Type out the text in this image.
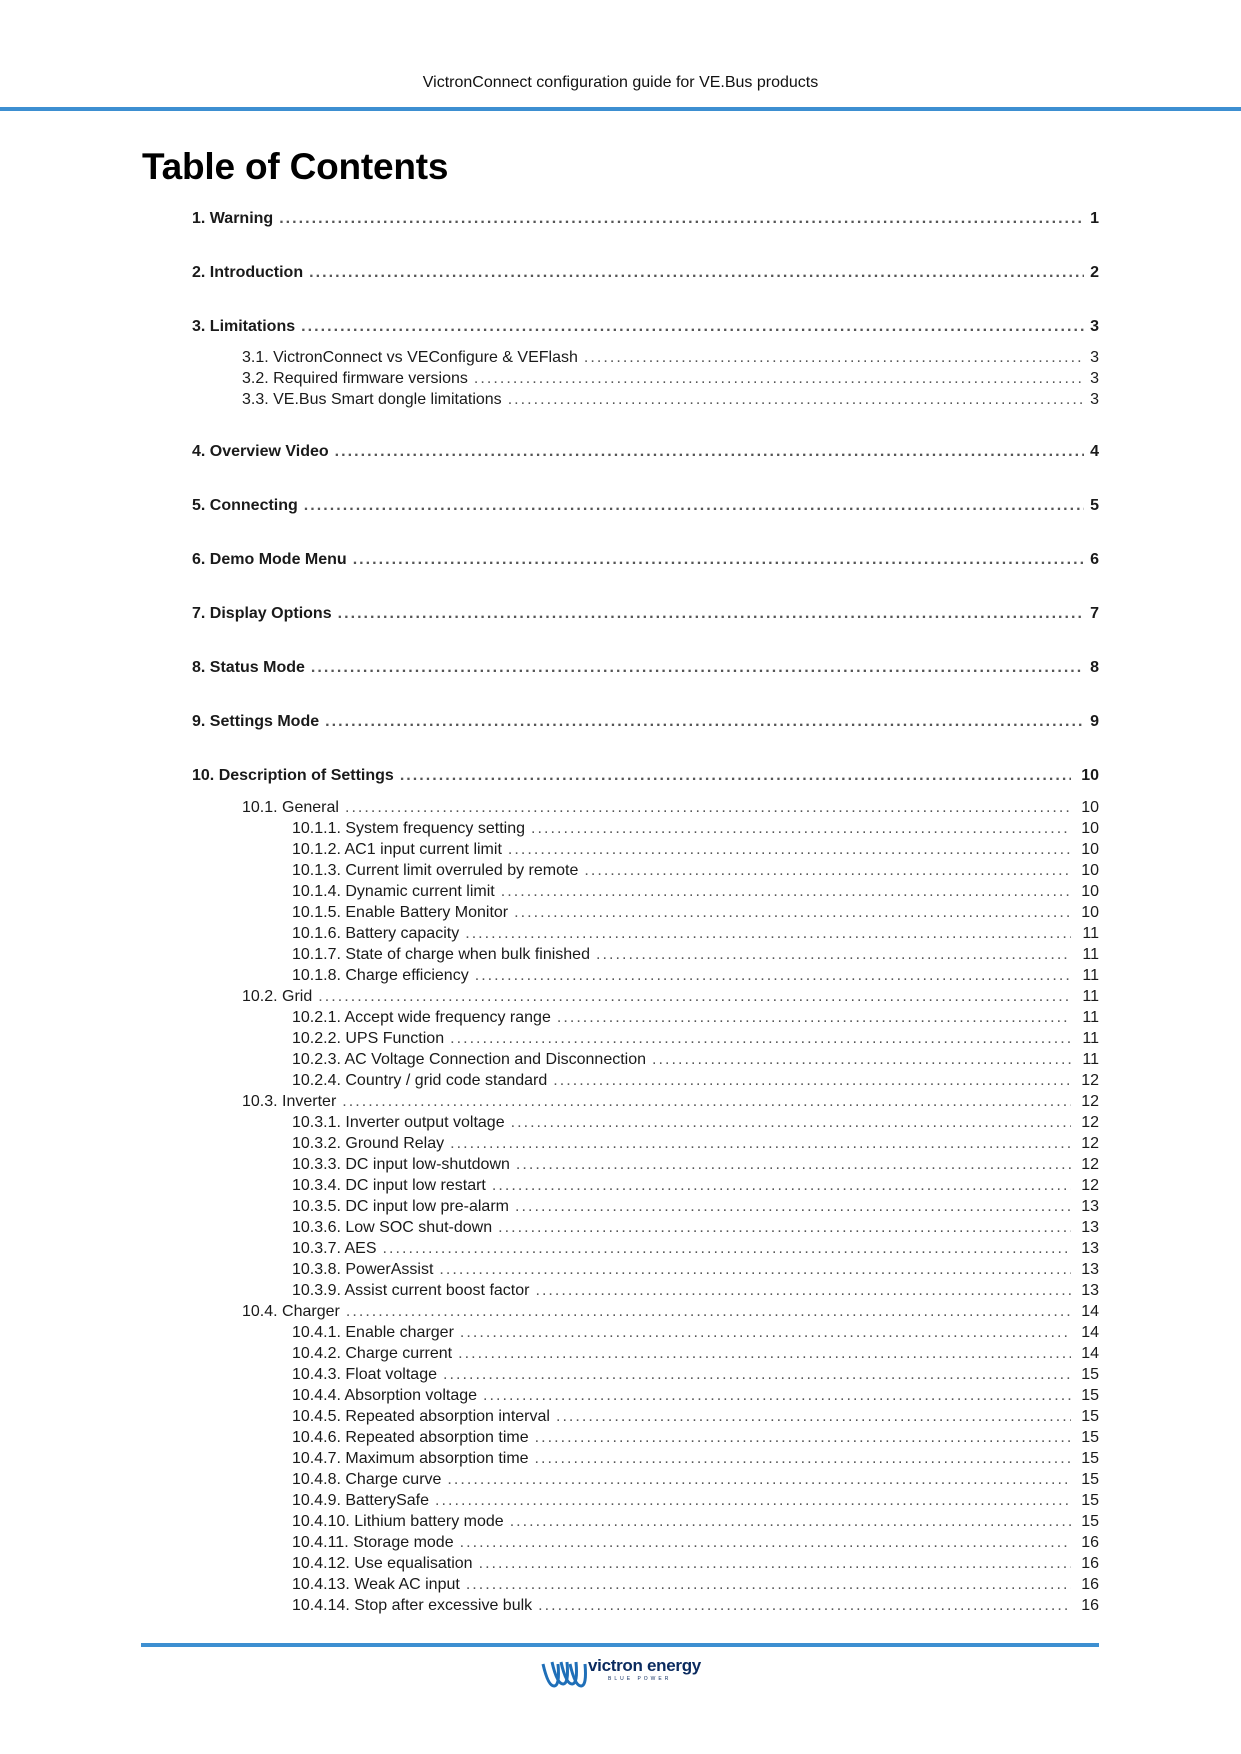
VictronConnect configuration guide for VE.Bus products
Table of Contents
1. Warning . . .	1
2. Introduction . . .	2
3. Limitations . . .	3
3.1. VictronConnect vs VEConfigure & VEFlash . . .	3
3.2. Required firmware versions . . .	3
3.3. VE.Bus Smart dongle limitations . . .	3
4. Overview Video . . .	4
5. Connecting . . .	5
6. Demo Mode Menu . . .	6
7. Display Options . . .	7
8. Status Mode . . .	8
9. Settings Mode . . .	9
10. Description of Settings . . .	10
10.1. General . . .	10
10.1.1. System frequency setting . . .	10
10.1.2. AC1 input current limit . . .	10
10.1.3. Current limit overruled by remote . . .	10
10.1.4. Dynamic current limit . . .	10
10.1.5. Enable Battery Monitor . . .	10
10.1.6. Battery capacity . . .	11
10.1.7. State of charge when bulk finished . . .	11
10.1.8. Charge efficiency . . .	11
10.2. Grid . . .	11
10.2.1. Accept wide frequency range . . .	11
10.2.2. UPS Function . . .	11
10.2.3. AC Voltage Connection and Disconnection . . .	11
10.2.4. Country / grid code standard . . .	12
10.3. Inverter . . .	12
10.3.1. Inverter output voltage . . .	12
10.3.2. Ground Relay . . .	12
10.3.3. DC input low-shutdown . . .	12
10.3.4. DC input low restart . . .	12
10.3.5. DC input low pre-alarm . . .	13
10.3.6. Low SOC shut-down . . .	13
10.3.7. AES . . .	13
10.3.8. PowerAssist . . .	13
10.3.9. Assist current boost factor . . .	13
10.4. Charger . . .	14
10.4.1. Enable charger . . .	14
10.4.2. Charge current . . .	14
10.4.3. Float voltage . . .	15
10.4.4. Absorption voltage . . .	15
10.4.5. Repeated absorption interval . . .	15
10.4.6. Repeated absorption time . . .	15
10.4.7. Maximum absorption time . . .	15
10.4.8. Charge curve . . .	15
10.4.9. BatterySafe . . .	15
10.4.10. Lithium battery mode . . .	15
10.4.11. Storage mode . . .	16
10.4.12. Use equalisation . . .	16
10.4.13. Weak AC input . . .	16
10.4.14. Stop after excessive bulk . . .	16
victron energy
BLUE POWER
